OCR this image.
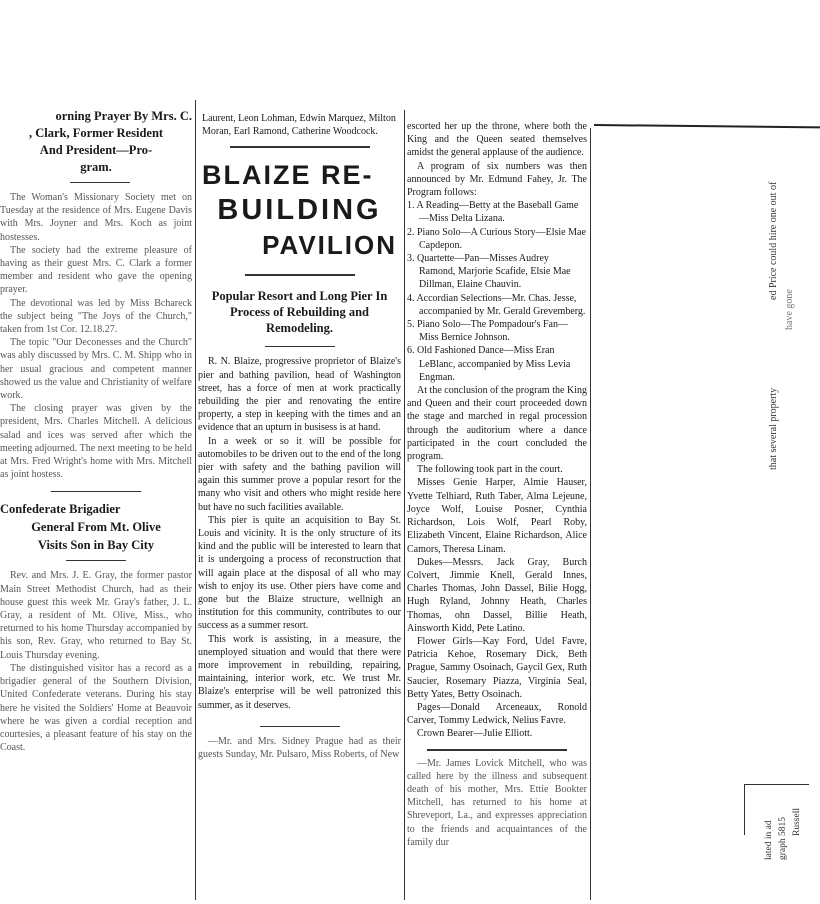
orning Prayer By Mrs. C.
, Clark, Former Resident
And President—Pro-
gram.

The Woman's Missionary Society met on Tuesday at the residence of Mrs. Eugene Davis with Mrs. Joyner and Mrs. Koch as joint hostesses.

The society had the extreme pleasure of having as their guest Mrs. C. Clark a former member and resident who gave the opening prayer.

The devotional was led by Miss Bchareck the subject being "The Joys of the Church," taken from 1st Cor. 12.18.27.

The topic "Our Deconesses and the Church" was ably discussed by Mrs. C. M. Shipp who in her usual gracious and competent manner showed us the value and Christianity of welfare work.

The closing prayer was given by the president, Mrs. Charles Mitchell. A delicious salad and ices was served after which the meeting adjourned. The next meeting to be held at Mrs. Fred Wright's home with Mrs. Mitchell as joint hostess.

Confederate Brigadier
General From Mt. Olive
Visits Son in Bay City

Rev. and Mrs. J. E. Gray, the former pastor Main Street Methodist Church, had as their house guest this week Mr. Gray's father, J. L. Gray, a resident of Mt. Olive, Miss., who returned to his home Thursday accompanied by his son, Rev. Gray, who returned to Bay St. Louis Thursday evening.

The distinguished visitor has a record as a brigadier general of the Southern Division, United Confederate veterans. During his stay here he visited the Soldiers' Home at Beauvoir where he was given a cordial reception and courtesies, a pleasant feature of his stay on the Coast.

Laurent, Leon Lohman, Edwin Marquez, Milton Moran, Earl Ramond, Catherine Woodcock.

BLAIZE RE-
BUILDING
PAVILION
Popular Resort and Long Pier In Process of Rebuilding and Remodeling.

R. N. Blaize, progressive proprietor of Blaize's pier and bathing pavilion, head of Washington street, has a force of men at work practically rebuilding the pier and renovating the entire property, a step in keeping with the times and an evidence that an upturn in busisess is at hand.

In a week or so it will be possible for automobiles to be driven out to the end of the long pier with safety and the bathing pavilion will again this summer prove a popular resort for the many who visit and others who might reside here but have no such facilities available.

This pier is quite an acquisition to Bay St. Louis and vicinity. It is the only structure of its kind and the public will be interested to learn that it is undergoing a process of reconstruction that will again place at the disposal of all who may wish to enjoy its use. Other piers have come and gone but the Blaize structure, wellnigh an institution for this community, contributes to our success as a summer resort.

This work is assisting, in a measure, the unemployed situation and would that there were more improvement in rebuilding, repairing, maintaining, interior work, etc. We trust Mr. Blaize's enterprise will be well patronized this summer, as it deserves.

—Mr. and Mrs. Sidney Prague had as their guests Sunday, Mr. Pulsaro, Miss Roberts, of New

escorted her up the throne, where both the King and the Queen seated themselves amidst the general applause of the audience.

A program of six numbers was then announced by Mr. Edmund Fahey, Jr. The Program follows:

1. A Reading—Betty at the Baseball Game—Miss Delta Lizana.
2. Piano Solo—A Curious Story—Elsie Mae Capdepon.
3. Quartette—Pan—Misses Audrey Ramond, Marjorie Scafide, Elsie Mae Dillman, Elaine Chauvin.
4. Accordian Selections—Mr. Chas. Jesse, accompanied by Mr. Gerald Grevemberg.
5. Piano Solo—The Pompadour's Fan—Miss Bernice Johnson.
6. Old Fashioned Dance—Miss Eran LeBlanc, accompanied by Miss Levia Engman.

At the conclusion of the program the King and Queen and their court proceeded down the stage and marched in regal procession through the auditorium where a dance participated in the court concluded the program.

The following took part in the court.

Misses Genie Harper, Almie Hauser, Yvette Telhiard, Ruth Taber, Alma Lejeune, Joyce Wolf, Louise Posner, Cynthia Richardson, Lois Wolf, Pearl Roby, Elizabeth Vincent, Elaine Richardson, Alice Camors, Theresa Linam.

Dukes—Messrs. Jack Gray, Burch Colvert, Jimmie Knell, Gerald Innes, Charles Thomas, John Dassel, Bilie Hogg, Hugh Ryland, Johnny Heath, Charles Thomas, ohn Dassel, Billie Heath, Ainsworth Kidd, Pete Latino.

Flower Girls—Kay Ford, Udel Favre, Patricia Kehoe, Rosemary Dick, Beth Prague, Sammy Osoinach, Gaycil Gex, Ruth Saucier, Rosemary Piazza, Virginia Seal, Betty Yates, Betty Osoinach.

Pages—Donald Arceneaux, Ronold Carver, Tommy Ledwick, Nelius Favre.

Crown Bearer—Julie Elliott.

—Mr. James Lovick Mitchell, who was called here by the illness and subsequent death of his mother, Mrs. Ettie Bookter Mitchell, has returned to his home at Shreveport, La., and expresses appreciation to the friends and acquaintances of the family dur

ed Price could hire one out of
that several property
have gone
lated in ad graph 5815 Russell
